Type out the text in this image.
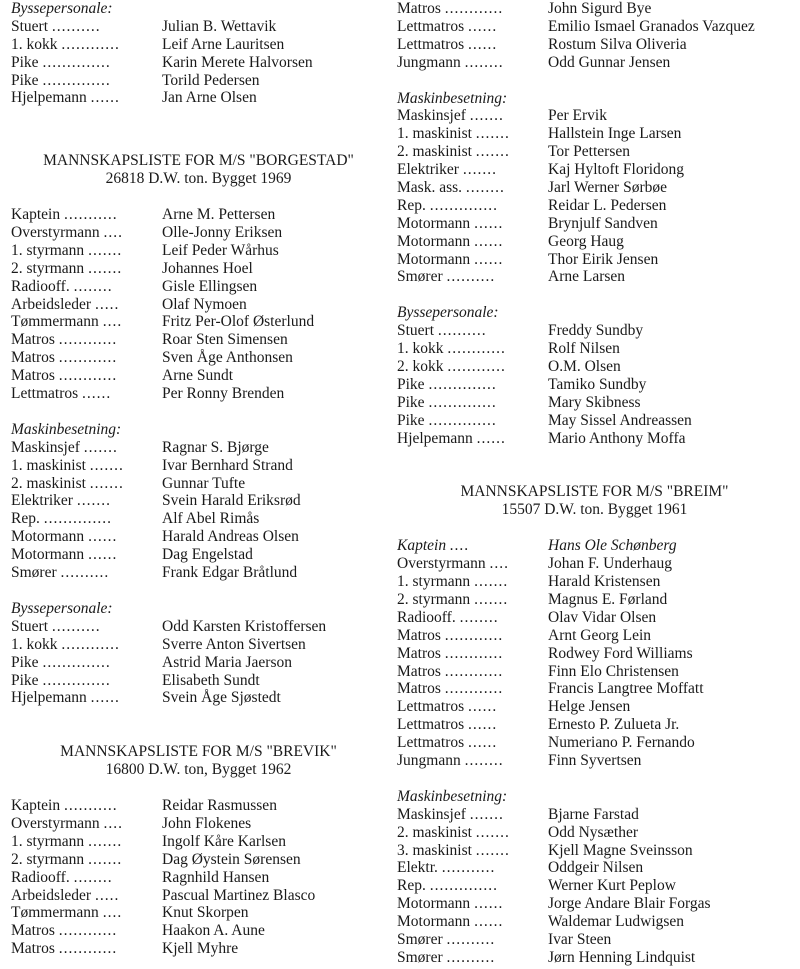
Byssepersonale:
Stuert ..........	Julian B. Wettavik
1. kokk ............	Leif Arne Lauritsen
Pike ..............	Karin Merete Halvorsen
Pike ..............	Torild Pedersen
Hjelpemann ......	Jan Arne Olsen
MANNSKAPSLISTE FOR M/S "BORGESTAD"
26818 D.W. ton. Bygget 1969
Kaptein ...........	Arne M. Pettersen
Overstyrmann ....	Olle-Jonny Eriksen
1. styrmann .......	Leif Peder Wårhus
2. styrmann .......	Johannes Hoel
Radiooff. ........	Gisle Ellingsen
Arbeidsleder .....	Olaf Nymoen
Tømmermann ....	Fritz Per-Olof Østerlund
Matros ............	Roar Sten Simensen
Matros ............	Sven Åge Anthonsen
Matros ............	Arne Sundt
Lettmatros ......	Per Ronny Brenden
Maskinbesetning:
Maskinsjef .......	Ragnar S. Bjørge
1. maskinist .......	Ivar Bernhard Strand
2. maskinist .......	Gunnar Tufte
Elektriker .......	Svein Harald Eriksrød
Rep. ..............	Alf Abel Rimås
Motormann ......	Harald Andreas Olsen
Motormann ......	Dag Engelstad
Smører ..........	Frank Edgar Bråtlund
Byssepersonale:
Stuert ..........	Odd Karsten Kristoffersen
1. kokk ............	Sverre Anton Sivertsen
Pike ..............	Astrid Maria Jaerson
Pike ..............	Elisabeth Sundt
Hjelpemann ......	Svein Åge Sjøstedt
MANNSKAPSLISTE FOR M/S "BREVIK"
16800 D.W. ton, Bygget 1962
Kaptein ...........	Reidar Rasmussen
Overstyrmann ....	John Flokenes
1. styrmann .......	Ingolf Kåre Karlsen
2. styrmann .......	Dag Øystein Sørensen
Radiooff. ........	Ragnhild Hansen
Arbeidsleder .....	Pascual Martinez Blasco
Tømmermann ....	Knut Skorpen
Matros ............	Haakon A. Aune
Matros ............	Kjell Myhre
Matros ............	John Sigurd Bye
Lettmatros ......	Emilio Ismael Granados Vazquez
Lettmatros ......	Rostum Silva Oliveria
Jungmann ........	Odd Gunnar Jensen
Maskinbesetning:
Maskinsjef .......	Per Ervik
1. maskinist .......	Hallstein Inge Larsen
2. maskinist .......	Tor Pettersen
Elektriker .......	Kaj Hyltoft Floridong
Mask. ass. ........	Jarl Werner Sørbøe
Rep. ..............	Reidar L. Pedersen
Motormann ......	Brynjulf Sandven
Motormann ......	Georg Haug
Motormann ......	Thor Eirik Jensen
Smører ..........	Arne Larsen
Byssepersonale:
Stuert ..........	Freddy Sundby
1. kokk ............	Rolf Nilsen
2. kokk ............	O.M. Olsen
Pike ..............	Tamiko Sundby
Pike ..............	Mary Skibness
Pike ..............	May Sissel Andreassen
Hjelpemann ......	Mario Anthony Moffa
MANNSKAPSLISTE FOR M/S "BREIM"
15507 D.W. ton. Bygget 1961
Kaptein ....	Hans Ole Schønberg
Overstyrmann ....	Johan F. Underhaug
1. styrmann .......	Harald Kristensen
2. styrmann .......	Magnus E. Førland
Radiooff. ........	Olav Vidar Olsen
Matros ............	Arnt Georg Lein
Matros ............	Rodwey Ford Williams
Matros ............	Finn Elo Christensen
Matros ............	Francis Langtree Moffatt
Lettmatros ......	Helge Jensen
Lettmatros ......	Ernesto P. Zulueta Jr.
Lettmatros ......	Numeriano P. Fernando
Jungmann ........	Finn Syvertsen
Maskinbesetning:
Maskinsjef .......	Bjarne Farstad
2. maskinist .......	Odd Nysæther
3. maskinist .......	Kjell Magne Sveinsson
Elektr. ...........	Oddgeir Nilsen
Rep. ..............	Werner Kurt Peplow
Motormann ......	Jorge Andare Blair Forgas
Motormann ......	Waldemar Ludwigsen
Smører ..........	Ivar Steen
Smører ..........	Jørn Henning Lindquist
